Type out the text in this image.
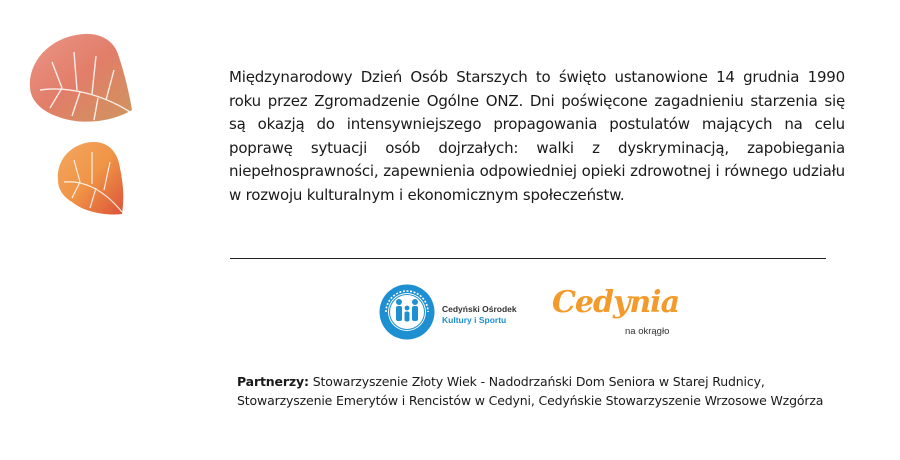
Międzynarodowy Dzień Osób Starszych to święto ustanowione 14 grudnia 1990 roku przez Zgromadzenie Ogólne ONZ. Dni poświęcone zagadnieniu starzenia się są okazją do intensywniejszego propagowania postulatów mających na celu poprawę sytuacji osób dojrzałych: walki z dyskryminacją, zapobiegania niepełnosprawności, zapewnienia odpowiedniej opieki zdrowotnej i równego udziału w rozwoju kulturalnym i ekonomicznym społeczeństw.

Cedyński Ośrodek
Kultury i Sportu	Cedynia
na okrągło

Partnerzy: Stowarzyszenie Złoty Wiek - Nadodrzański Dom Seniora w Starej Rudnicy,
Stowarzyszenie Emerytów i Rencistów w Cedyni, Cedyńskie Stowarzyszenie Wrzosowe Wzgórza
